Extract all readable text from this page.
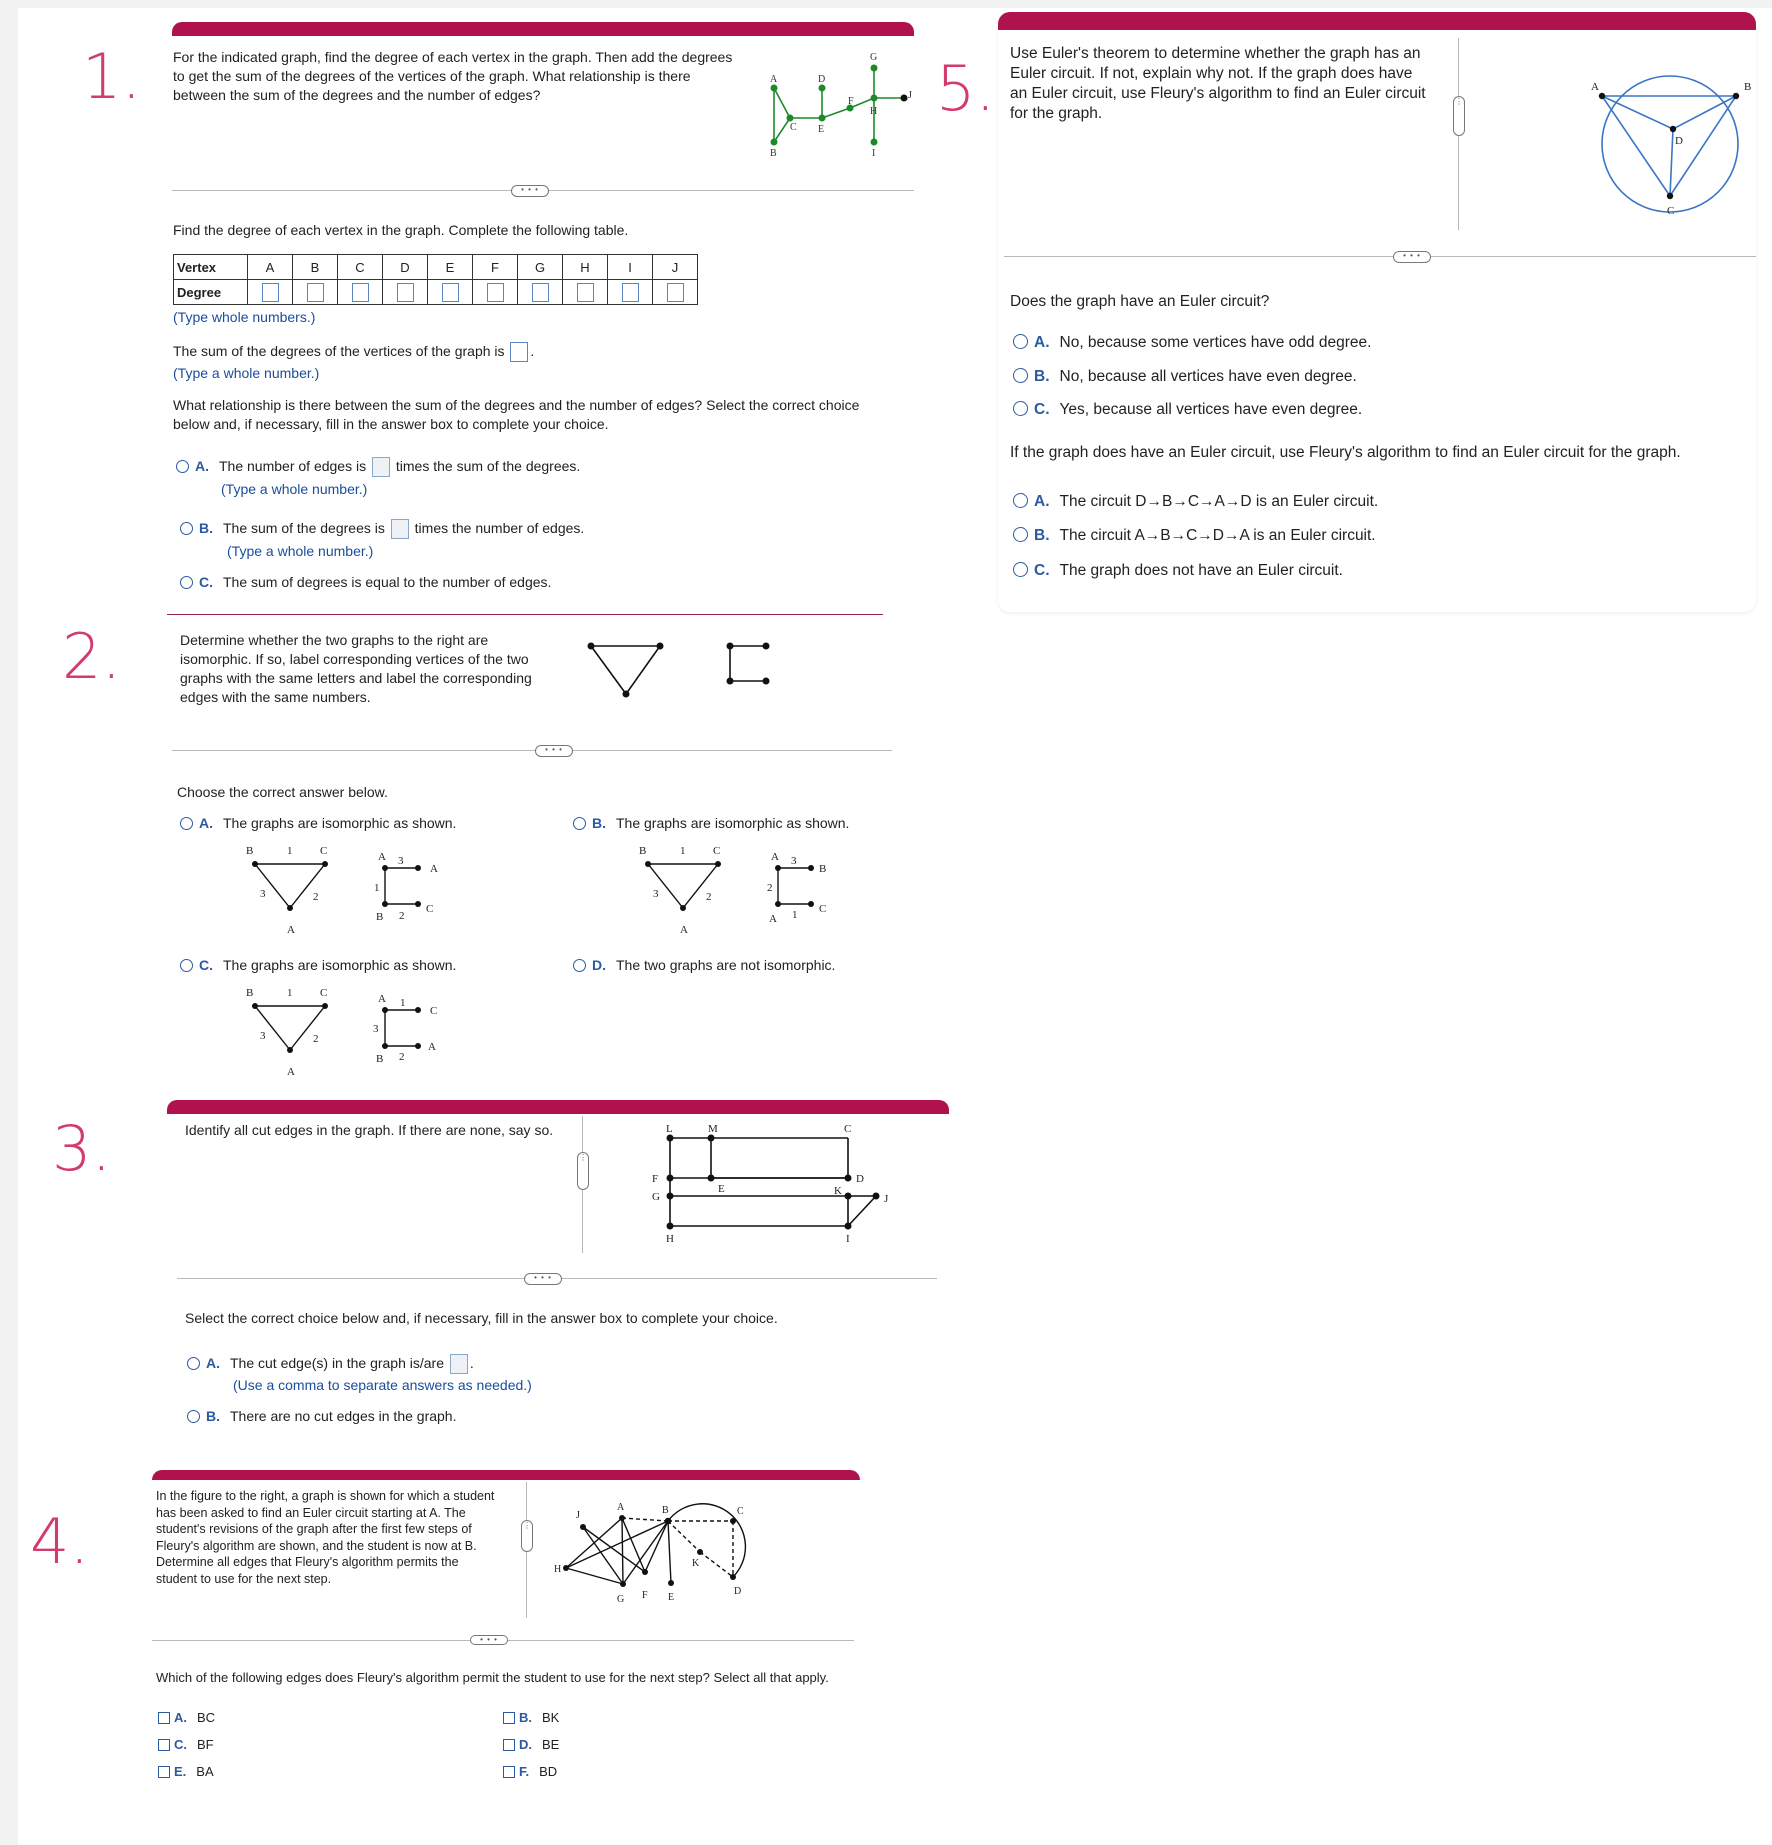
1.
2.
3.
4.
5.
For the indicated graph, find the degree of each vertex in the graph. Then add the degrees to get the sum of the degrees of the vertices of the graph. What relationship is there between the sum of the degrees and the number of edges?
A
B
C
D
E
F
G
H
I
J
• • •
Find the degree of each vertex in the graph. Complete the following table.
Vertex	A	B	C	D	E	F	G	H	I	J
Degree										
(Type whole numbers.)
The sum of the degrees of the vertices of the graph is .
(Type a whole number.)
What relationship is there between the sum of the degrees and the number of edges? Select the correct choice below and, if necessary, fill in the answer box to complete your choice.
A. The number of edges is times the sum of the degrees.
(Type a whole number.)
B. The sum of the degrees is times the number of edges.
(Type a whole number.)
C. The sum of degrees is equal to the number of edges.
Determine whether the two graphs to the right are isomorphic. If so, label corresponding vertices of the two graphs with the same letters and label the corresponding edges with the same numbers.
• • •
Choose the correct answer below.
A. The graphs are isomorphic as shown.	B. The graphs are isomorphic as shown.
B	1	C
3	2
A
A 3
A
1
C
B 2
B	1	C
3	2
A
A 3
B
2
C
A 1
C. The graphs are isomorphic as shown.	D. The two graphs are not isomorphic.
B	1	C
3	2
A
A 1
C
3
A
B 2
Identify all cut edges in the graph. If there are none, say so.
⋮
L	M	C
F
G
E	K
D
J
H	I
• • •
Select the correct choice below and, if necessary, fill in the answer box to complete your choice.
A. The cut edge(s) in the graph is/are .
(Use a comma to separate answers as needed.)
B. There are no cut edges in the graph.
In the figure to the right, a graph is shown for which a student has been asked to find an Euler circuit starting at A. The student's revisions of the graph after the first few steps of Fleury's algorithm are shown, and the student is now at B. Determine all edges that Fleury's algorithm permits the student to use for the next step.
⋮
J
A	B	C
H
K
G F E
D
• • •
Which of the following edges does Fleury's algorithm permit the student to use for the next step? Select all that apply.
A. BC	B. BK
C. BF	D. BE
E. BA	F. BD
Use Euler's theorem to determine whether the graph has an Euler circuit. If not, explain why not. If the graph does have an Euler circuit, use Fleury's algorithm to find an Euler circuit for the graph.
⋮
A	B
D
C
• • •
Does the graph have an Euler circuit?
A. No, because some vertices have odd degree.
B. No, because all vertices have even degree.
C. Yes, because all vertices have even degree.
If the graph does have an Euler circuit, use Fleury's algorithm to find an Euler circuit for the graph.
A. The circuit D→B→C→A→D is an Euler circuit.
B. The circuit A→B→C→D→A is an Euler circuit.
C. The graph does not have an Euler circuit.
